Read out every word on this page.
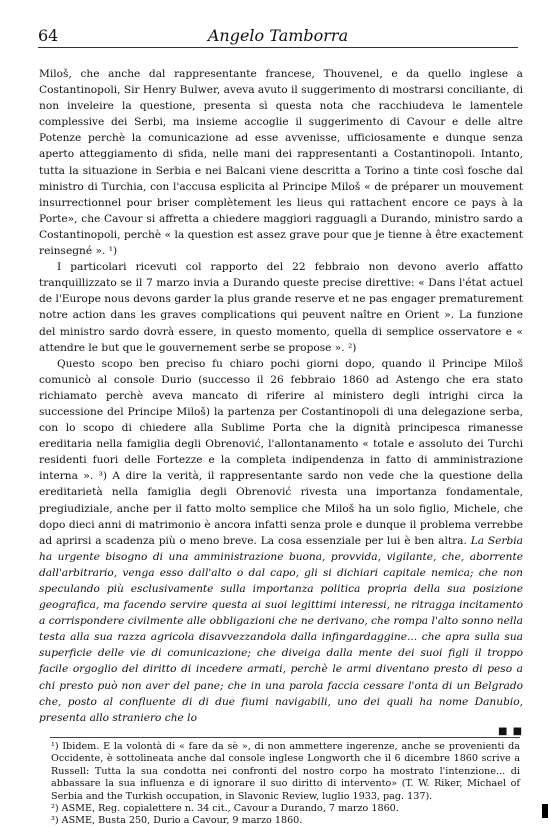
64	Angelo Tamborra

Miloš, che anche dal rappresentante francese, Thouvenel, e da quello inglese a Costantinopoli, Sir Henry Bulwer, aveva avuto il suggerimento di mostrarsi conciliante, di non inveleire la questione, presenta sì questa nota che racchiudeva le lamentele complessive dei Serbi, ma insieme accoglie il suggerimento di Cavour e delle altre Potenze perchè la comunicazione ad esse avvenisse, ufficiosamente e dunque senza aperto atteggiamento di sfida, nelle mani dei rappresentanti a Costantinopoli. Intanto, tutta la situazione in Serbia e nei Balcani viene descritta a Torino a tinte così fosche dal ministro di Turchia, con l'accusa esplicita al Principe Miloš « de préparer un mouvement insurrectionnel pour briser complètement les lieus qui rattachent encore ce pays à la Porte», che Cavour si affretta a chiedere maggiori ragguagli a Durando, ministro sardo a Costantinopoli, perchè « la question est assez grave pour que je tienne à être exactement reinsegné ». ¹)

I particolari ricevuti col rapporto del 22 febbraio non devono averlo affatto tranquillizzato se il 7 marzo invia a Durando queste precise direttive: « Dans l'état actuel de l'Europe nous devons garder la plus grande reserve et ne pas engager prematurement notre action dans les graves complications qui peuvent naître en Orient ». La funzione del ministro sardo dovrà essere, in questo momento, quella di semplice osservatore e « attendre le but que le gouvernement serbe se propose ». ²)

Questo scopo ben preciso fu chiaro pochi giorni dopo, quando il Principe Miloš comunicò al console Durio (successo il 26 febbraio 1860 ad Astengo che era stato richiamato perchè aveva mancato di riferire al ministero degli intrighi circa la successione del Principe Miloš) la partenza per Costantinopoli di una delegazione serba, con lo scopo di chiedere alla Sublime Porta che la dignità principesca rimanesse ereditaria nella famiglia degli Obrenović, l'allontanamento « totale e assoluto dei Turchi residenti fuori delle Fortezze e la completa indipendenza in fatto di amministrazione interna ». ³) A dire la verità, il rappresentante sardo non vede che la questione della ereditarietà nella famiglia degli Obrenović rivesta una importanza fondamentale, pregiudiziale, anche per il fatto molto semplice che Miloš ha un solo figlio, Michele, che dopo dieci anni di matrimonio è ancora infatti senza prole e dunque il problema verrebbe ad aprirsi a scadenza più o meno breve. La cosa essenziale per lui è ben altra. La Serbia ha urgente bisogno di una amministrazione buona, provvida, vigilante, che, aborrente dall'arbitrario, venga esso dall'alto o dal capo, gli si dichiari capitale nemica; che non speculando più esclusivamente sulla importanza politica propria della sua posizione geografica, ma facendo servire questa ai suoi legittimi interessi, ne ritragga incitamento a corrispondere civilmente alle obbligazioni che ne derivano, che rompa l'alto sonno nella testa alla sua razza agricola disavvezzandola dalla infingardaggine... che apra sulla sua superficie delle vie di comunicazione; che diveiga dalla mente dei suoi figli il troppo facile orgoglio del diritto di incedere armati, perchè le armi diventano presto di peso a chi presto può non aver del pane; che in una parola faccia cessare l'onta di un Belgrado che, posto al confluente di di due fiumi navigabili, uno dei quali ha nome Danubio, presenta allo straniero che lo

■ ■
¹) Ibidem. E la volontà di « fare da sè », di non ammettere ingerenze, anche se provenienti da Occidente, è sottolineata anche dal console inglese Longworth che il 6 dicembre 1860 scrive a Russell: Tutta la sua condotta nei confronti del nostro corpo ha mostrato l'intenzione... di abbassare la sua influenza e di ignorare il suo diritto di intervento» (T. W. Riker, Michael of Serbia and the Turkish occupation, in Slavonic Review, luglio 1933, pag. 137).
²) ASME, Reg. copialettere n. 34 cit., Cavour a Durando, 7 marzo 1860.
³) ASME, Busta 250, Durio a Cavour, 9 marzo 1860.
